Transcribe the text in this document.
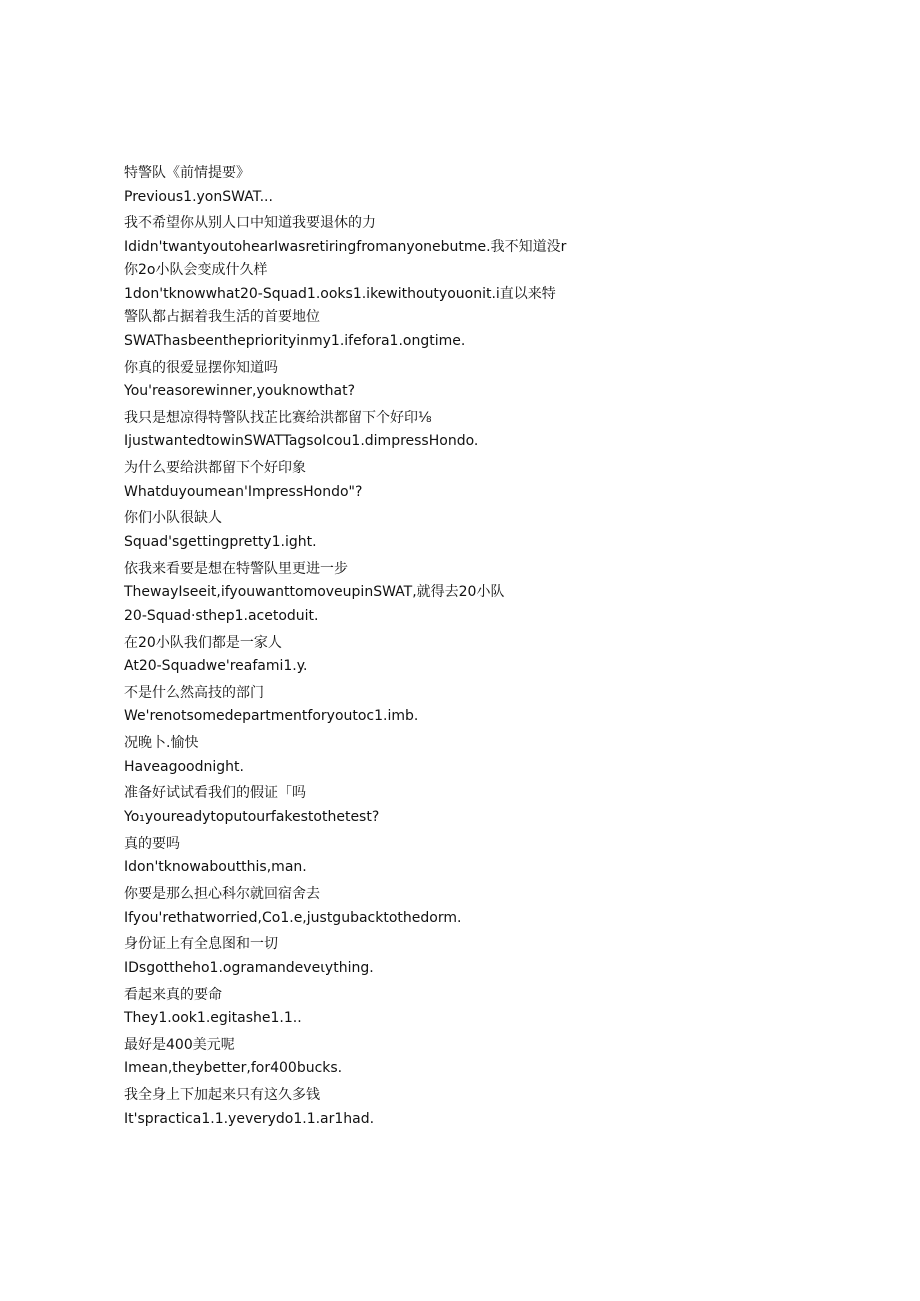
特警队《前情提要》

Previous1.yonSWAT...

我不希望你从别人口中知道我要退休的力

Ididn'twantyoutohearIwasretiringfromanyonebutme.我不知道没r

你2o小队会变成什久样

1don'tknowwhat20-Squad1.ooks1.ikewithoutyouonit.i直以来特

警队都占据着我生活的首要地位

SWAThasbeenthepriorityinmy1.ifefora1.ongtime.

你真的很爱显摆你知道吗

You'reasorewinner,youknowthat?

我只是想凉得特警队找芷比赛给洪都留下个好印⅛

IjustwantedtowinSWATTagsoIcou1.dimpressHondo.

为什么要给洪都留下个好印象

Whatduyoumean'ImpressHondo"?

你们小队很缺人

Squad'sgettingpretty1.ight.

依我来看要是想在特警队里更进一步

ThewayIseeit,ifyouwanttomoveupinSWAT,就得去20小队

20-Squad·sthep1.acetoduit.

在20小队我们都是一家人

At20-Squadwe'reafami1.y.

不是什么然高技的部门

We'renotsomedepartmentforyoutoc1.imb.

况晚卜.愉快

Haveagoodnight.

准备好试试看我们的假证「吗

Yo₁youreadytoputourfakestothetest?

真的要吗

Idon'tknowaboutthis,man.

你要是那么担心科尔就回宿舍去

Ifyou'rethatworried,Co1.e,justgubacktothedorm.

身份证上有全息图和一切

IDsgottheho1.ogramandeveιything.

看起来真的要命

They1.ook1.egitashe1.1..

最好是400美元呢

Imean,theybetter,for400bucks.

我全身上下加起来只有这久多钱

It'spractica1.1.yeverydo1.1.ar1had.
